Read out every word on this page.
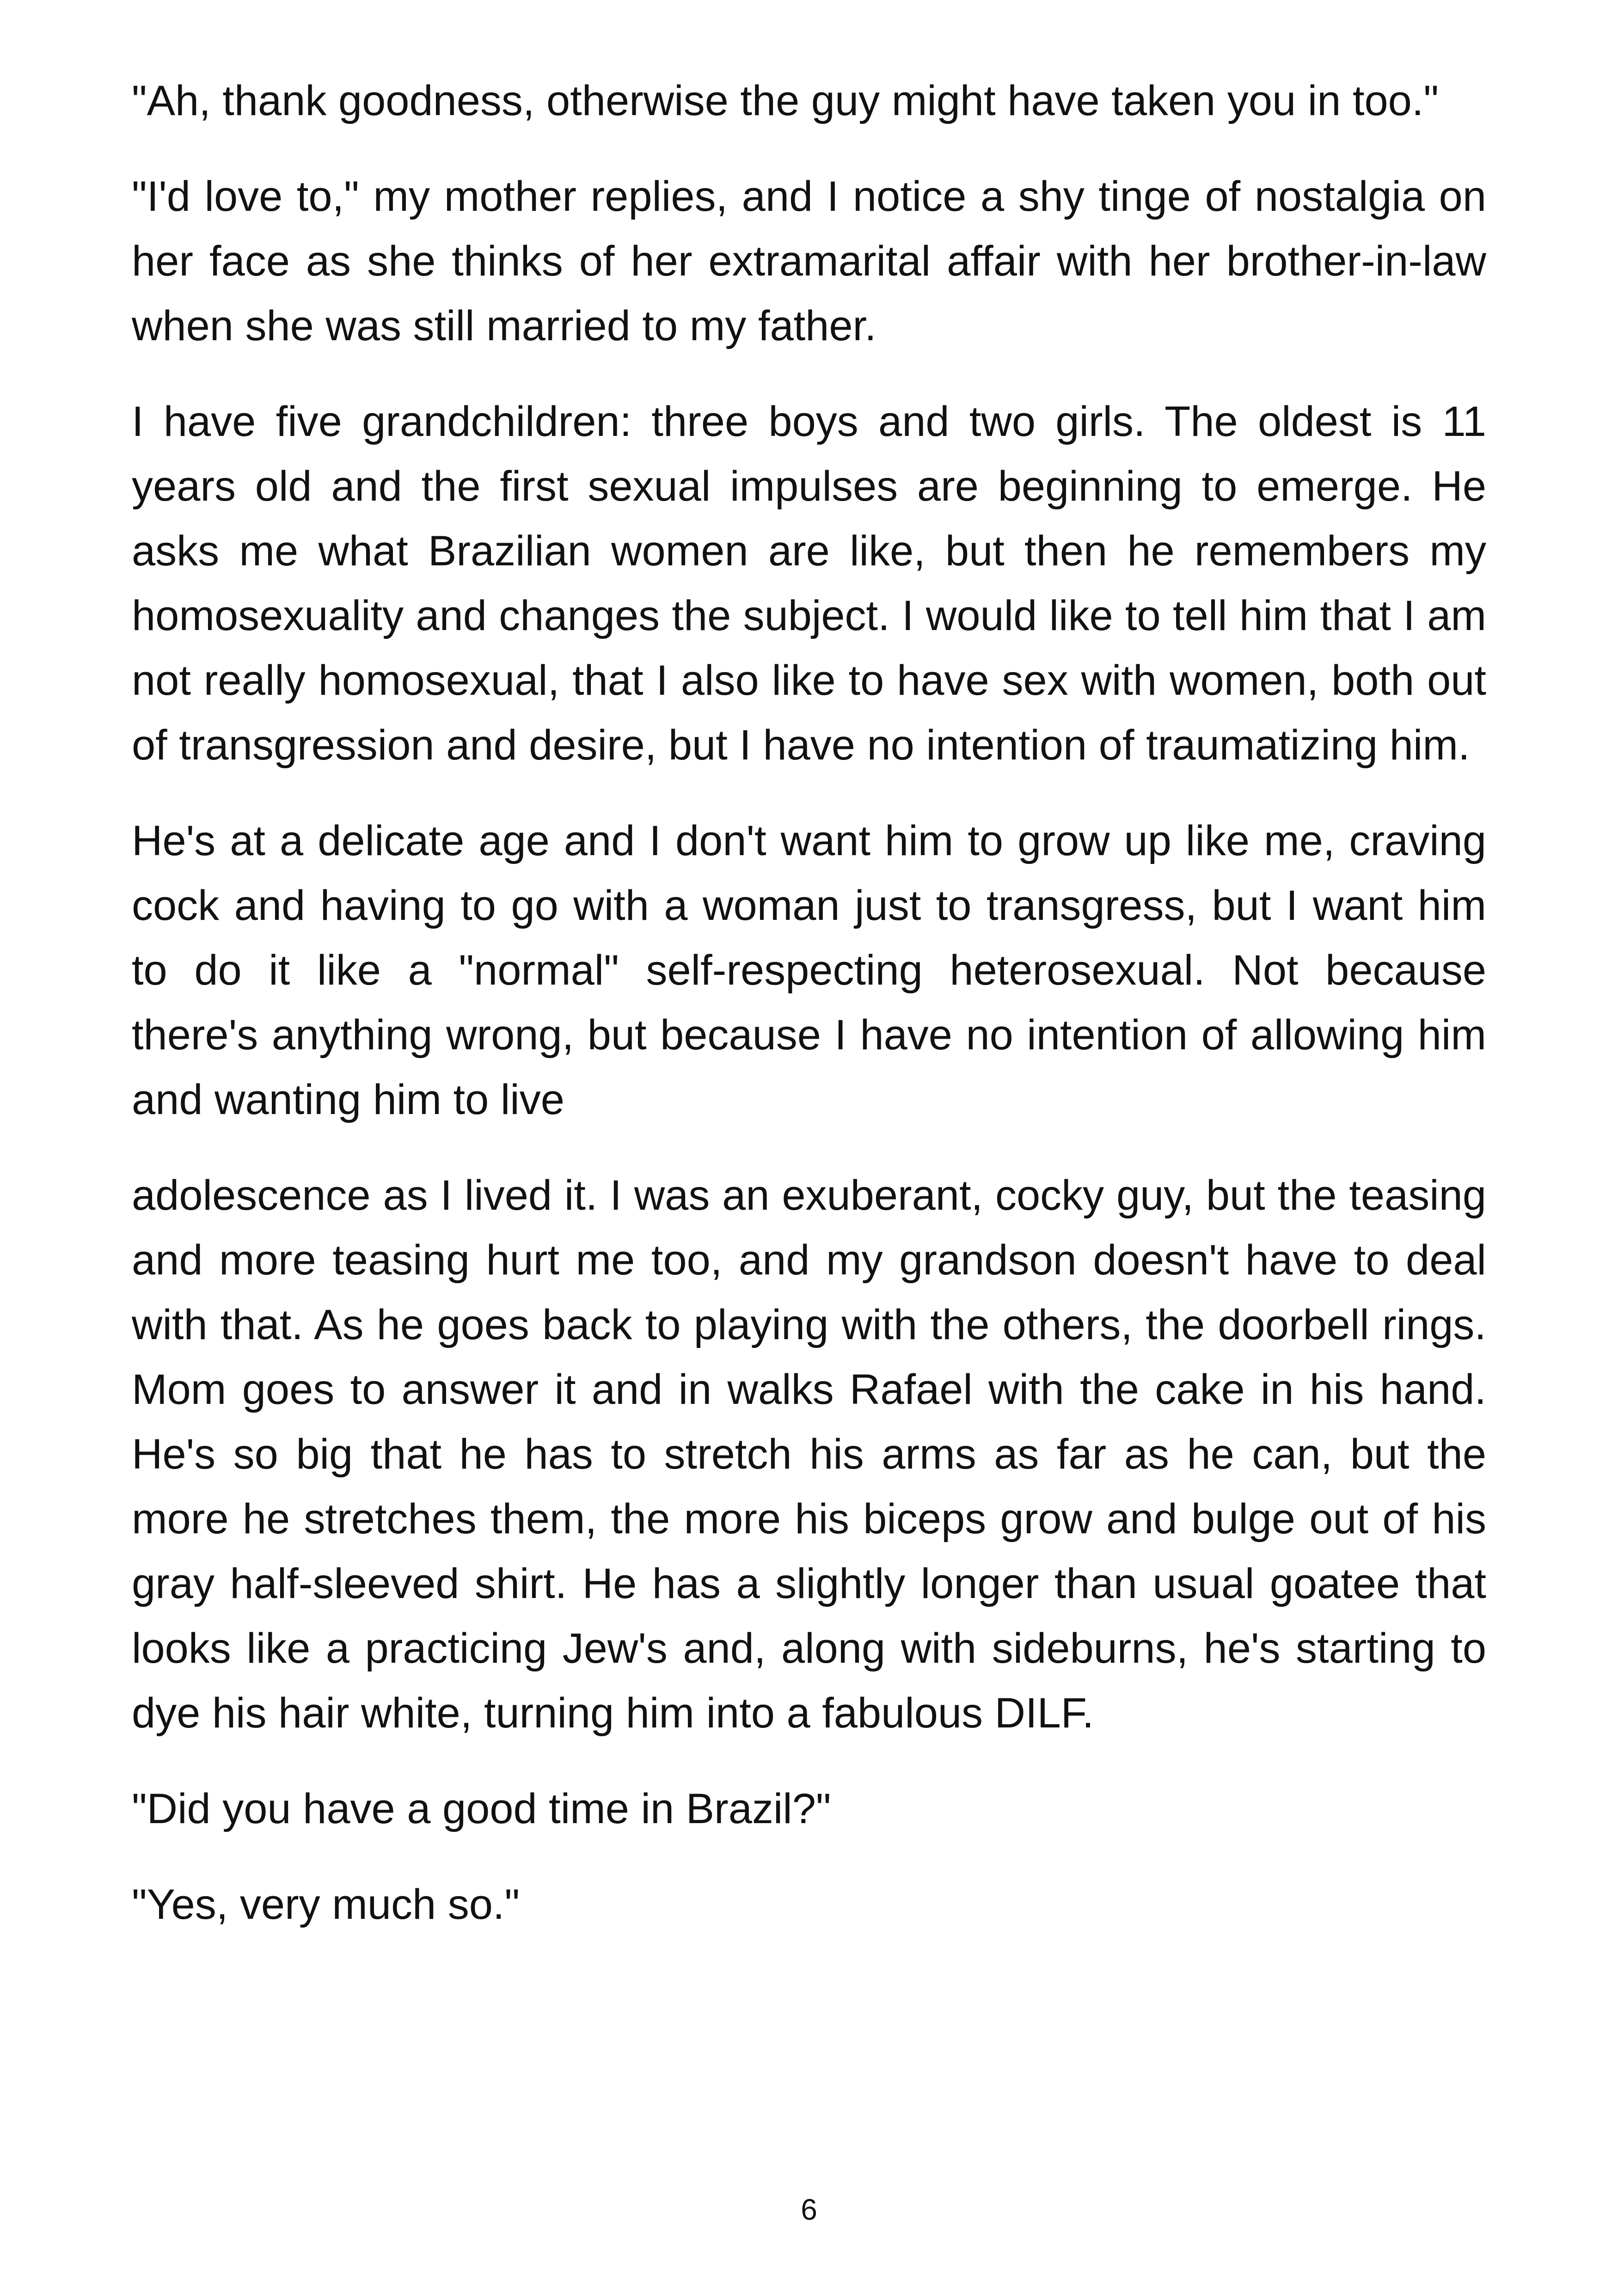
"Ah, thank goodness, otherwise the guy might have taken you in too."

"I'd love to," my mother replies, and I notice a shy tinge of nostalgia on her face as she thinks of her extramarital affair with her brother-in-law when she was still married to my father.

I have five grandchildren: three boys and two girls. The oldest is 11 years old and the first sexual impulses are beginning to emerge. He asks me what Brazilian women are like, but then he remembers my homosexuality and changes the subject. I would like to tell him that I am not really homosexual, that I also like to have sex with women, both out of transgression and desire, but I have no intention of traumatizing him.

He's at a delicate age and I don't want him to grow up like me, craving cock and having to go with a woman just to transgress, but I want him to do it like a "normal" self-respecting heterosexual. Not because there's anything wrong, but because I have no intention of allowing him and wanting him to live

adolescence as I lived it. I was an exuberant, cocky guy, but the teasing and more teasing hurt me too, and my grandson doesn't have to deal with that. As he goes back to playing with the others, the doorbell rings. Mom goes to answer it and in walks Rafael with the cake in his hand. He's so big that he has to stretch his arms as far as he can, but the more he stretches them, the more his biceps grow and bulge out of his gray half-sleeved shirt. He has a slightly longer than usual goatee that looks like a practicing Jew's and, along with sideburns, he's starting to dye his hair white, turning him into a fabulous DILF.

"Did you have a good time in Brazil?"

"Yes, very much so."

6
